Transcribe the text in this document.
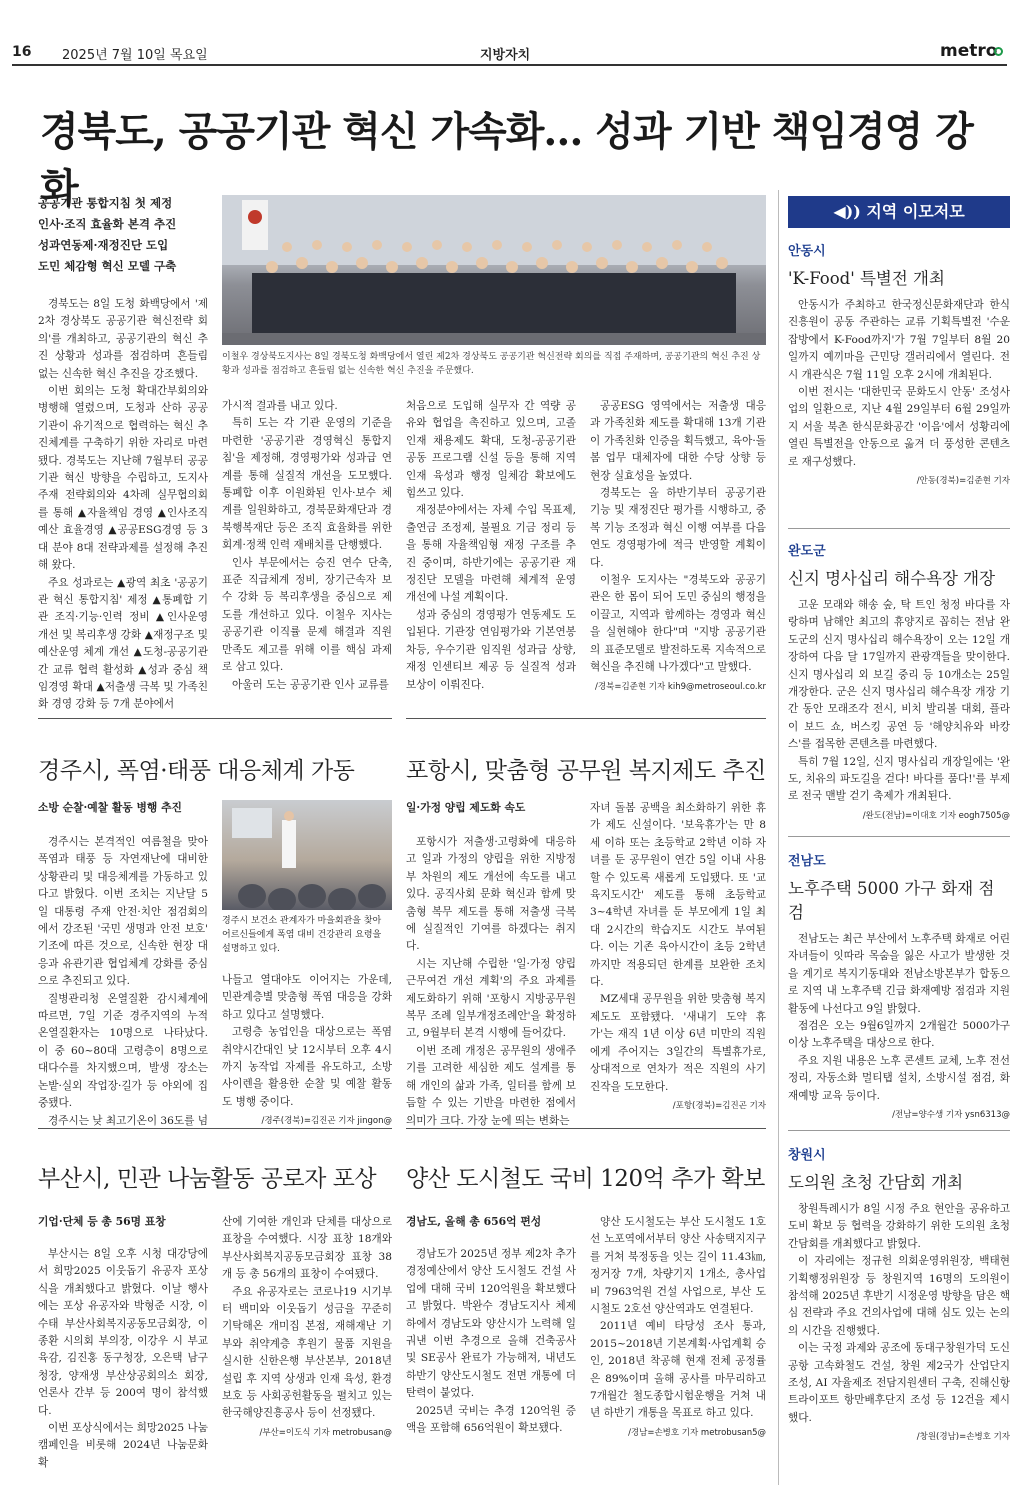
16 2025년 7월 10일 목요일	지방자치	metro
경북도, 공공기관 혁신 가속화… 성과 기반 책임경영 강화
공공기관 통합지침 첫 제정
인사·조직 효율화 본격 추진
성과연동제·재정진단 도입
도민 체감형 혁신 모델 구축
이철우 경상북도지사는 8일 경북도청 화백당에서 열린 제2차 경상북도 공공기관 혁신전략 회의를 직접 주재하며, 공공기관의 혁신 추진 상황과 성과를 점검하고 흔들림 없는 신속한 혁신 추진을 주문했다.

경북도는 8일 도청 화백당에서 '제2차 경상북도 공공기관 혁신전략 회의'를 개최하고, 공공기관의 혁신 추진 상황과 성과를 점검하며 흔들림 없는 신속한 혁신 추진을 강조했다.

이번 회의는 도청 확대간부회의와 병행해 열렸으며, 도청과 산하 공공기관이 유기적으로 협력하는 혁신 추진체계를 구축하기 위한 자리로 마련됐다. 경북도는 지난해 7월부터 공공기관 혁신 방향을 수립하고, 도지사 주재 전략회의와 4차례 실무협의회를 통해 ▲자율책임 경영 ▲인사조직예산 효율경영 ▲공공ESG경영 등 3대 분야 8대 전략과제를 설정해 추진해 왔다.

주요 성과로는 ▲광역 최초 '공공기관 혁신 통합지침' 제정 ▲통폐합 기관 조직·기능·인력 정비 ▲인사운영 개선 및 복리후생 강화 ▲재정구조 및 예산운영 체계 개선 ▲도청-공공기관 간 교류 협력 활성화 ▲성과 중심 책임경영 확대 ▲저출생 극복 및 가족친화 경영 강화 등 7개 분야에서

가시적 결과를 내고 있다.

특히 도는 각 기관 운영의 기준을 마련한 '공공기관 경영혁신 통합지침'을 제정해, 경영평가와 성과급 연계를 통해 실질적 개선을 도모했다. 통폐합 이후 이원화된 인사·보수 체계를 일원화하고, 경북문화재단과 경북행복재단 등은 조직 효율화를 위한 회계·정책 인력 재배치를 단행했다.

인사 부문에서는 승진 연수 단축, 표준 직급체계 정비, 장기근속자 보수 강화 등 복리후생을 중심으로 제도를 개선하고 있다. 이철우 지사는 공공기관 이직률 문제 해결과 직원 만족도 제고를 위해 이를 핵심 과제로 삼고 있다.

아울러 도는 공공기관 인사 교류를

처음으로 도입해 실무자 간 역량 공유와 협업을 촉진하고 있으며, 고졸 인재 채용제도 확대, 도청-공공기관 공동 프로그램 신설 등을 통해 지역 인재 육성과 행정 일체감 확보에도 힘쓰고 있다.

재정분야에서는 자체 수입 목표제, 출연금 조정제, 불필요 기금 정리 등을 통해 자율책임형 재정 구조를 추진 중이며, 하반기에는 공공기관 재정진단 모델을 마련해 체계적 운영 개선에 나설 계획이다.

성과 중심의 경영평가 연동제도 도입된다. 기관장 연임평가와 기본연봉 차등, 우수기관 임직원 성과급 상향, 재정 인센티브 제공 등 실질적 성과 보상이 이뤄진다.

공공ESG 영역에서는 저출생 대응과 가족친화 제도를 확대해 13개 기관이 가족친화 인증을 획득했고, 육아·돌봄 업무 대체자에 대한 수당 상향 등 현장 실효성을 높였다.

경북도는 올 하반기부터 공공기관 기능 및 재정진단 평가를 시행하고, 중복 기능 조정과 혁신 이행 여부를 다음 연도 경영평가에 적극 반영할 계획이다.

이철우 도지사는 "경북도와 공공기관은 한 몸이 되어 도민 중심의 행정을 이끌고, 지역과 함께하는 경영과 혁신을 실현해야 한다"며 "지방 공공기관의 표준모델로 발전하도록 지속적으로 혁신을 추진해 나가겠다"고 말했다.

/경북=김준현 기자 kih9@metroseoul.co.kr
경주시, 폭염·태풍 대응체계 가동
소방 순찰·예찰 활동 병행 추진

경주시는 본격적인 여름철을 맞아 폭염과 태풍 등 자연재난에 대비한 상황관리 및 대응체계를 가동하고 있다고 밝혔다. 이번 조치는 지난달 5일 대통령 주재 안전·치안 점검회의에서 강조된 '국민 생명과 안전 보호' 기조에 따른 것으로, 신속한 현장 대응과 유관기관 협업체계 강화를 중심으로 추진되고 있다.

질병관리청 온열질환 감시체계에 따르면, 7일 기준 경주지역의 누적 온열질환자는 10명으로 나타났다. 이 중 60~80대 고령층이 8명으로 대다수를 차지했으며, 발생 장소는 논밭·실외 작업장·길가 등 야외에 집중됐다.

경주시는 낮 최고기온이 36도를 넘

경주시 보건소 관계자가 마을회관을 찾아 어르신들에게 폭염 대비 건강관리 요령을 설명하고 있다.

나들고 열대야도 이어지는 가운데, 민관계층별 맞춤형 폭염 대응을 강화하고 있다고 설명했다.

고령층 농업인을 대상으로는 폭염 취약시간대인 낮 12시부터 오후 4시까지 농작업 자제를 유도하고, 소방 사이렌을 활용한 순찰 및 예찰 활동도 병행 중이다.

/경주(경북)=김진곤 기자 jingon@
포항시, 맞춤형 공무원 복지제도 추진
일·가정 양립 제도화 속도

포항시가 저출생·고령화에 대응하고 일과 가정의 양립을 위한 지방정부 차원의 제도 개선에 속도를 내고 있다. 공직사회 문화 혁신과 함께 맞춤형 복무 제도를 통해 저출생 극복에 실질적인 기여를 하겠다는 취지다.

시는 지난해 수립한 '일·가정 양립 근무여건 개선 계획'의 주요 과제를 제도화하기 위해 '포항시 지방공무원 복무 조례 일부개정조례안'을 확정하고, 9월부터 본격 시행에 들어갔다.

이번 조례 개정은 공무원의 생애주기를 고려한 세심한 제도 설계를 통해 개인의 삶과 가족, 일터를 함께 보듬할 수 있는 기반을 마련한 점에서 의미가 크다. 가장 눈에 띄는 변화는

자녀 돌봄 공백을 최소화하기 위한 휴가 제도 신설이다. '보육휴가'는 만 8세 이하 또는 초등학교 2학년 이하 자녀를 둔 공무원이 연간 5일 이내 사용할 수 있도록 새롭게 도입됐다. 또 '교육지도시간' 제도를 통해 초등학교 3~4학년 자녀를 둔 부모에게 1일 최대 2시간의 학습지도 시간도 부여된다. 이는 기존 육아시간이 초등 2학년까지만 적용되던 한계를 보완한 조치다.

MZ세대 공무원을 위한 맞춤형 복지 제도도 포함됐다. '새내기 도약 휴가'는 재직 1년 이상 6년 미만의 직원에게 주어지는 3일간의 특별휴가로, 상대적으로 연차가 적은 직원의 사기 진작을 도모한다.

/포항(경북)=김진곤 기자
부산시, 민관 나눔활동 공로자 포상
기업·단체 등 총 56명 표창

부산시는 8일 오후 시청 대강당에서 희망2025 이웃돕기 유공자 포상식을 개최했다고 밝혔다. 이날 행사에는 포상 유공자와 박형준 시장, 이수태 부산사회복지공동모금회장, 이종환 시의회 부의장, 이강우 시 부교육감, 김진홍 동구청장, 오은택 남구청장, 양재생 부산상공회의소 회장, 언론사 간부 등 200여 명이 참석했다.

이번 포상식에서는 희망2025 나눔캠페인을 비롯해 2024년 나눔문화 확

산에 기여한 개인과 단체를 대상으로 표창을 수여했다. 시장 표창 18개와 부산사회복지공동모금회장 표창 38개 등 총 56개의 표창이 수여됐다.

주요 유공자로는 코로나19 시기부터 백미와 이웃돕기 성금을 꾸준히 기탁해온 개미집 본점, 재해재난 기부와 취약계층 후원기 물품 지원을 실시한 신한은행 부산본부, 2018년 설립 후 지역 상생과 인재 육성, 환경 보호 등 사회공헌활동을 펼치고 있는 한국해양진흥공사 등이 선정됐다.

/부산=이도식 기자 metrobusan@
양산 도시철도 국비 120억 추가 확보
경남도, 올해 총 656억 편성

경남도가 2025년 정부 제2차 추가경정예산에서 양산 도시철도 건설 사업에 대해 국비 120억원을 확보했다고 밝혔다. 박완수 경남도지사 체제하에서 경남도와 양산시가 노력해 일궈낸 이번 추경으로 올해 건축공사 및 SE공사 완료가 가능해져, 내년도 하반기 양산도시철도 전면 개통에 더 탄력이 붙었다.

2025년 국비는 추경 120억원 증액을 포함해 656억원이 확보됐다.

양산 도시철도는 부산 도시철도 1호선 노포역에서부터 양산 사송택지지구를 거쳐 북정동을 잇는 길이 11.43㎞, 정거장 7개, 차량기지 1개소, 총사업비 7963억원 건설 사업으로, 부산 도시철도 2호선 양산역과도 연결된다.

2011년 예비 타당성 조사 통과, 2015~2018년 기본계획·사업계획 승인, 2018년 착공해 현재 전체 공정률은 89%이며 올해 공사를 마무리하고 7개월간 철도종합시험운행을 거쳐 내년 하반기 개통을 목표로 하고 있다.

/경남=손병호 기자 metrobusan5@
◀)) 지역 이모저모
안동시
'K-Food' 특별전 개최

안동시가 주최하고 한국정신문화재단과 한식진흥원이 공동 주관하는 교류 기획특별전 '수운잡방에서 K-Food까지'가 7월 7일부터 8월 20일까지 예끼마을 근민당 갤러리에서 열린다. 전시 개관식은 7월 11일 오후 2시에 개최된다.

이번 전시는 '대한민국 문화도시 안동' 조성사업의 일환으로, 지난 4월 29일부터 6월 29일까지 서울 북촌 한식문화공간 '이음'에서 성황리에 열린 특별전을 안동으로 옮겨 더 풍성한 콘텐츠로 재구성했다.

/안동(경북)=김준현 기자
완도군
신지 명사십리 해수욕장 개장

고운 모래와 해송 숲, 탁 트인 청정 바다를 자랑하며 남해안 최고의 휴양지로 꼽히는 전남 완도군의 신지 명사십리 해수욕장이 오는 12일 개장하여 다음 달 17일까지 관광객들을 맞이한다. 신지 명사십리 외 보길 중리 등 10개소는 25일 개장한다. 군은 신지 명사십리 해수욕장 개장 기간 동안 모래조각 전시, 비치 발리볼 대회, 플라이 보드 쇼, 버스킹 공연 등 '해양치유와 바캉스'를 접목한 콘텐츠를 마련했다.

특히 7월 12일, 신지 명사십리 개장일에는 '완도, 치유의 파도길을 걷다! 바다를 품다!'를 부제로 전국 맨발 걷기 축제가 개최된다.

/완도(전남)=이대호 기자 eogh7505@
전남도
노후주택 5000 가구 화재 점검

전남도는 최근 부산에서 노후주택 화재로 어린 자녀들이 잇따라 목숨을 잃은 사고가 발생한 것을 계기로 복지기동대와 전남소방본부가 합동으로 지역 내 노후주택 긴급 화재예방 점검과 지원 활동에 나선다고 9일 밝혔다.

점검은 오는 9월6일까지 2개월간 5000가구 이상 노후주택을 대상으로 한다.

주요 지원 내용은 노후 콘센트 교체, 노후 전선 정리, 자동소화 멀티탭 설치, 소방시설 점검, 화재예방 교육 등이다.

/전남=양수생 기자 ysn6313@
창원시
도의원 초청 간담회 개최

창원특례시가 8일 시정 주요 현안을 공유하고 도비 확보 등 협력을 강화하기 위한 도의원 초청 간담회를 개최했다고 밝혔다.

이 자리에는 정규헌 의회운영위원장, 백태현 기획행정위원장 등 창원지역 16명의 도의원이 참석해 2025년 후반기 시정운영 방향을 담은 핵심 전략과 주요 건의사업에 대해 심도 있는 논의의 시간을 진행했다.

이는 국정 과제와 공조에 동대구창원가덕 도신공항 고속화철도 건설, 창원 제2국가 산업단지 조성, AI 자율제조 전담지원센터 구축, 진해신항 트라이포트 항만배후단지 조성 등 12건을 제시했다.

/창원(경남)=손병호 기자
